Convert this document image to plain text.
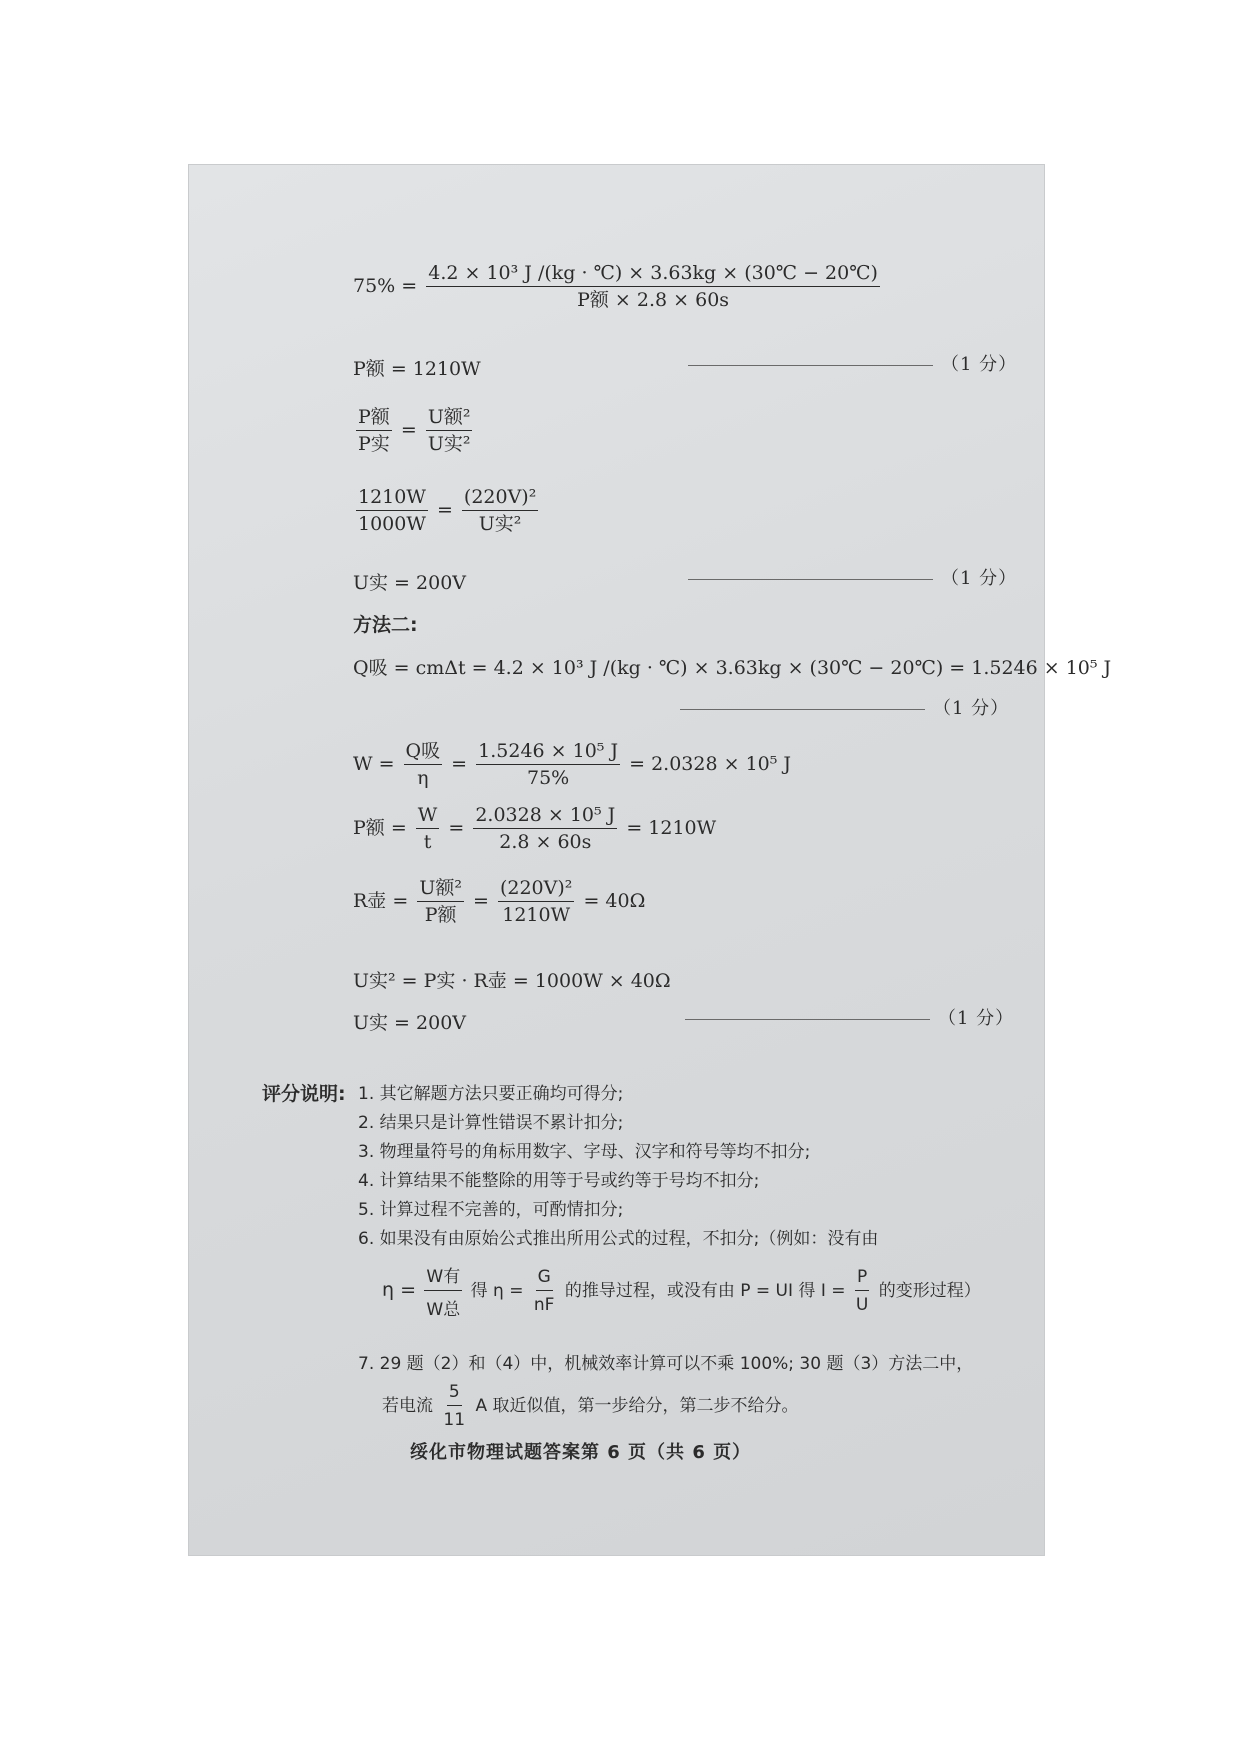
$75\% = \frac{\text{4.2 × 10³ J /(kg · ℃) × 3.63kg × (30℃ − 20℃)}}{\text{P额 × 2.8 × 60s}}$
P额 = 1210W	（1 分）
$\frac{\text{P额}}{\text{P实}} = \frac{\text{U额²}}{\text{U实²}}$
$\frac{1210W}{1000W} = \frac{\text{(220V)²}}{\text{U实²}}$
U实 = 200V	（1 分）
方法二:
Q吸 = cmΔt = 4.2 × 10³ J /(kg · ℃) × 3.63kg × (30℃ − 20℃) = 1.5246 × 10⁵ J
（1 分）
$W = \frac{\text{Q吸}}{\eta} = \frac{\text{1.5246 × 10⁵ J}}{75\%} = 2.0328 \times 10^5$ J
P额 = $\frac{W}{t} = \frac{\text{2.0328 × 10⁵ J}}{2.8 \times 60s} = 1210W$
R壶 = $\frac{\text{U额²}}{\text{P额}} = \frac{\text{(220V)²}}{1210W} = 40\Omega$
U实² = P实 · R壶 = 1000W × 40Ω
U实 = 200V	（1 分）
评分说明: 1. 其它解题方法只要正确均可得分;
2. 结果只是计算性错误不累计扣分;
3. 物理量符号的角标用数字、字母、汉字和符号等均不扣分;
4. 计算结果不能整除的用等于号或约等于号均不扣分;
5. 计算过程不完善的，可酌情扣分;
6. 如果没有由原始公式推出所用公式的过程，不扣分;（例如：没有由
$\eta = \frac{\text{W有}}{\text{W总}}$ 得 $\eta = \frac{G}{nF}$ 的推导过程，或没有由 P = UI 得 $I = \frac{P}{U}$ 的变形过程）
7. 29 题（2）和（4）中，机械效率计算可以不乘 100%; 30 题（3）方法二中，
若电流 $\frac{5}{11}$ A 取近似值，第一步给分，第二步不给分。
绥化市物理试题答案第 6 页（共 6 页）
